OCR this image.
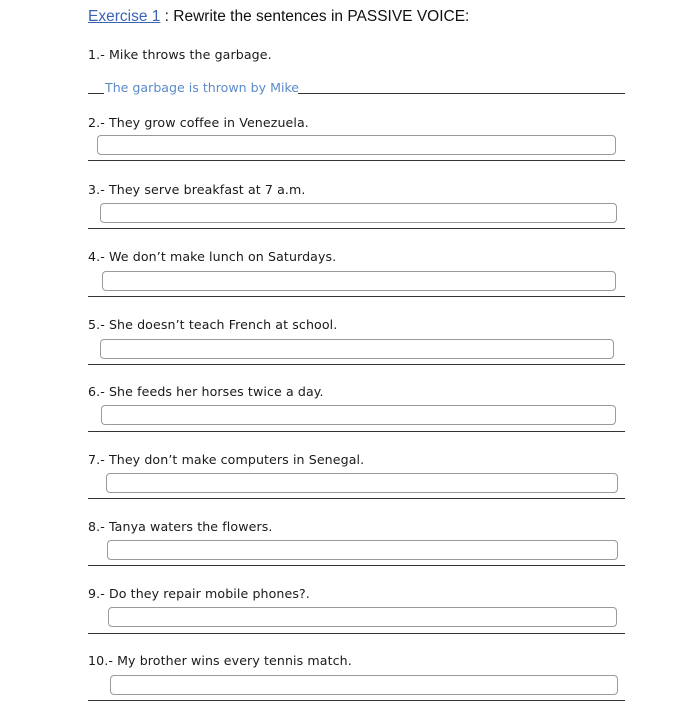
Exercise 1 : Rewrite the sentences in PASSIVE VOICE:
1.- Mike throws the garbage.
The garbage is thrown by Mike
2.- They grow coffee in Venezuela.
3.- They serve breakfast at 7 a.m.
4.- We don’t make lunch on Saturdays.
5.- She doesn’t teach French at school.
6.- She feeds her horses twice a day.
7.- They don’t make computers in Senegal.
8.- Tanya waters the flowers.
9.- Do they repair mobile phones?.
10.- My brother wins every tennis match.
